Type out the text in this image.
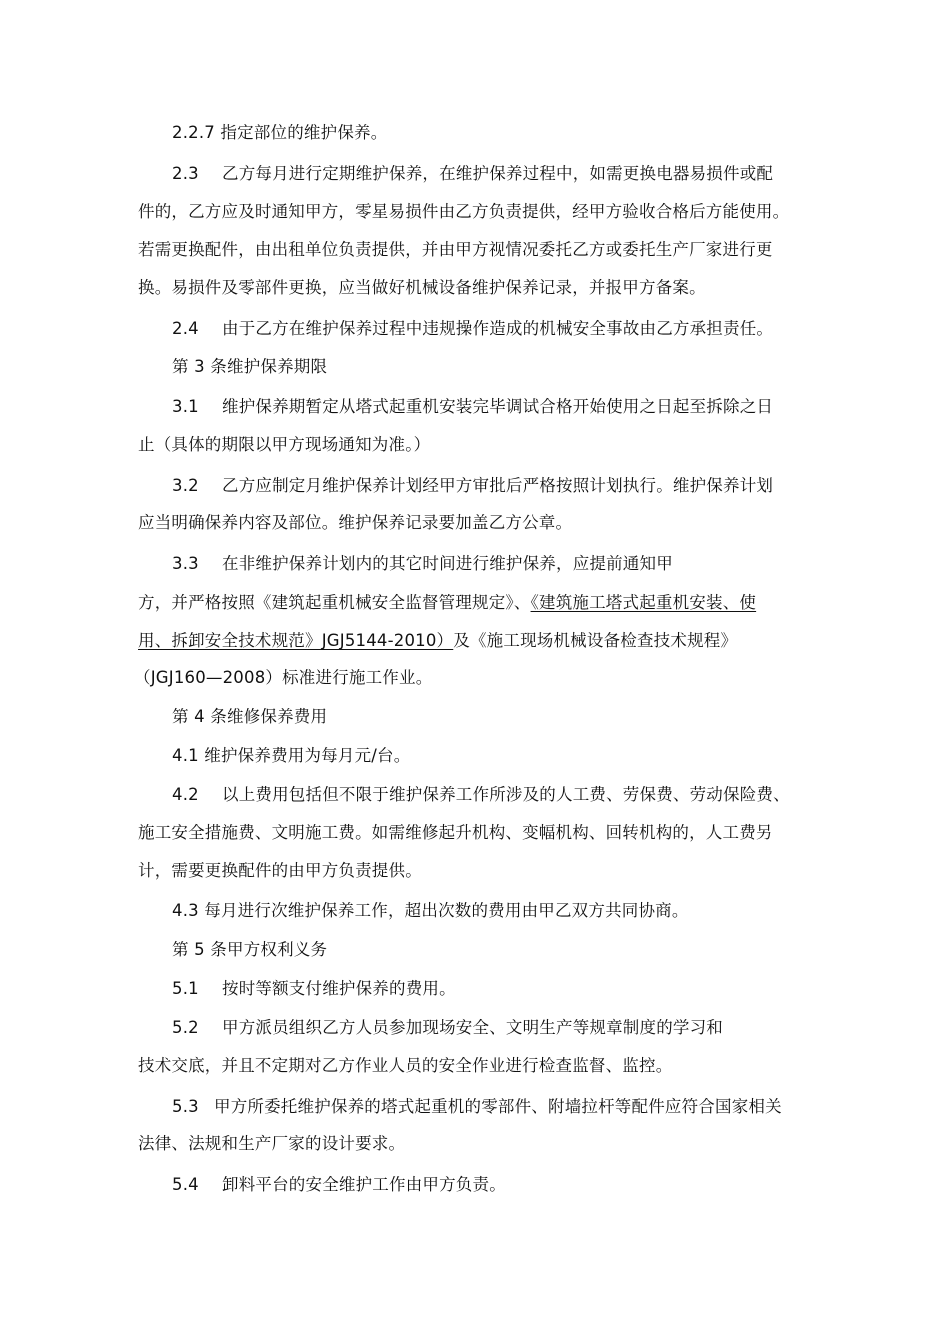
2.2.7 指定部位的维护保养。
2.3 乙方每月进行定期维护保养，在维护保养过程中，如需更换电器易损件或配
件的，乙方应及时通知甲方，零星易损件由乙方负责提供，经甲方验收合格后方能使用。
若需更换配件，由出租单位负责提供，并由甲方视情况委托乙方或委托生产厂家进行更
换。易损件及零部件更换，应当做好机械设备维护保养记录，并报甲方备案。
2.4 由于乙方在维护保养过程中违规操作造成的机械安全事故由乙方承担责任。
第 3 条维护保养期限
3.1 维护保养期暂定从塔式起重机安装完毕调试合格开始使用之日起至拆除之日
止（具体的期限以甲方现场通知为准。）
3.2 乙方应制定月维护保养计划经甲方审批后严格按照计划执行。维护保养计划
应当明确保养内容及部位。维护保养记录要加盖乙方公章。
3.3 在非维护保养计划内的其它时间进行维护保养，应提前通知甲
方，并严格按照《建筑起重机械安全监督管理规定》、《建筑施工塔式起重机安装、使
用、拆卸安全技术规范》JGJ5144-2010）及《施工现场机械设备检查技术规程》
（JGJ160—2008）标准进行施工作业。
第 4 条维修保养费用
4.1 维护保养费用为每月元/台。
4.2 以上费用包括但不限于维护保养工作所涉及的人工费、劳保费、劳动保险费、
施工安全措施费、文明施工费。如需维修起升机构、变幅机构、回转机构的，人工费另
计，需要更换配件的由甲方负责提供。
4.3 每月进行次维护保养工作，超出次数的费用由甲乙双方共同协商。
第 5 条甲方权利义务
5.1 按时等额支付维护保养的费用。
5.2 甲方派员组织乙方人员参加现场安全、文明生产等规章制度的学习和
技术交底，并且不定期对乙方作业人员的安全作业进行检查监督、监控。
5.3 甲方所委托维护保养的塔式起重机的零部件、附墙拉杆等配件应符合国家相关
法律、法规和生产厂家的设计要求。
5.4 卸料平台的安全维护工作由甲方负责。
